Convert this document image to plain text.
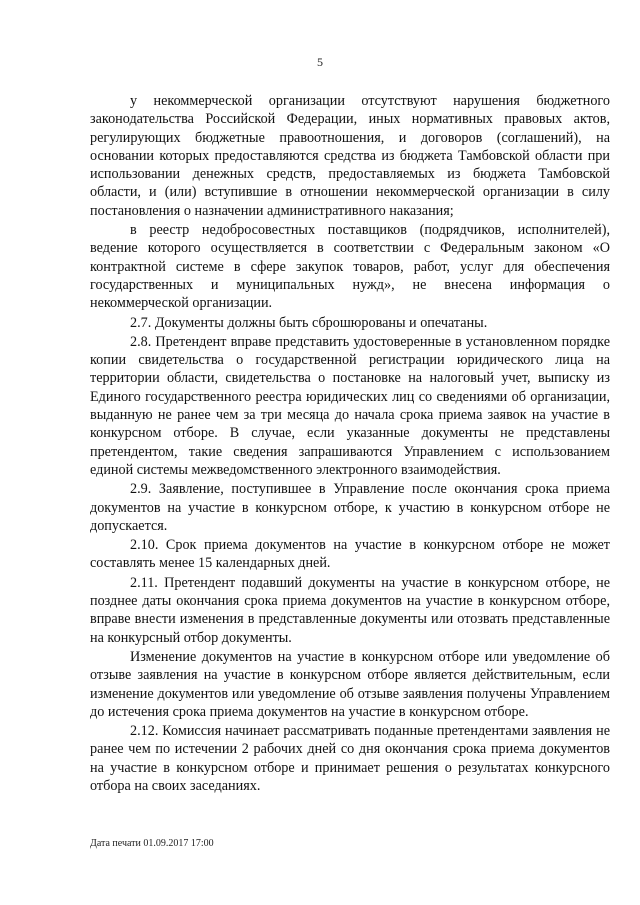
5

у некоммерческой организации отсутствуют нарушения бюджетного законодательства Российской Федерации, иных нормативных правовых актов, регулирующих бюджетные правоотношения, и договоров (соглашений), на основании которых предоставляются средства из бюджета Тамбовской области при использовании денежных средств, предоставляемых из бюджета Тамбовской области, и (или) вступившие в отношении некоммерческой организации в силу постановления о назначении административного наказания;

в реестр недобросовестных поставщиков (подрядчиков, исполнителей), ведение которого осуществляется в соответствии с Федеральным законом «О контрактной системе в сфере закупок товаров, работ, услуг для обеспечения государственных и муниципальных нужд», не внесена информация о некоммерческой организации.

2.7. Документы должны быть сброшюрованы и опечатаны.

2.8. Претендент вправе представить удостоверенные в установленном порядке копии свидетельства о государственной регистрации юридического лица на территории области, свидетельства о постановке на налоговый учет, выписку из Единого государственного реестра юридических лиц со сведениями об организации, выданную не ранее чем за три месяца до начала срока приема заявок на участие в конкурсном отборе. В случае, если указанные документы не представлены претендентом, такие сведения запрашиваются Управлением с использованием единой системы межведомственного электронного взаимодействия.

2.9. Заявление, поступившее в Управление после окончания срока приема документов на участие в конкурсном отборе, к участию в конкурсном отборе не допускается.

2.10. Срок приема документов на участие в конкурсном отборе не может составлять менее 15 календарных дней.

2.11. Претендент подавший документы на участие в конкурсном отборе, не позднее даты окончания срока приема документов на участие в конкурсном отборе, вправе внести изменения в представленные документы или отозвать представленные на конкурсный отбор документы.

Изменение документов на участие в конкурсном отборе или уведомление об отзыве заявления на участие в конкурсном отборе является действительным, если изменение документов или уведомление об отзыве заявления получены Управлением до истечения срока приема документов на участие в конкурсном отборе.

2.12. Комиссия начинает рассматривать поданные претендентами заявления не ранее чем по истечении 2 рабочих дней со дня окончания срока приема документов на участие в конкурсном отборе и принимает решения о результатах конкурсного отбора на своих заседаниях.

Дата печати 01.09.2017 17:00
